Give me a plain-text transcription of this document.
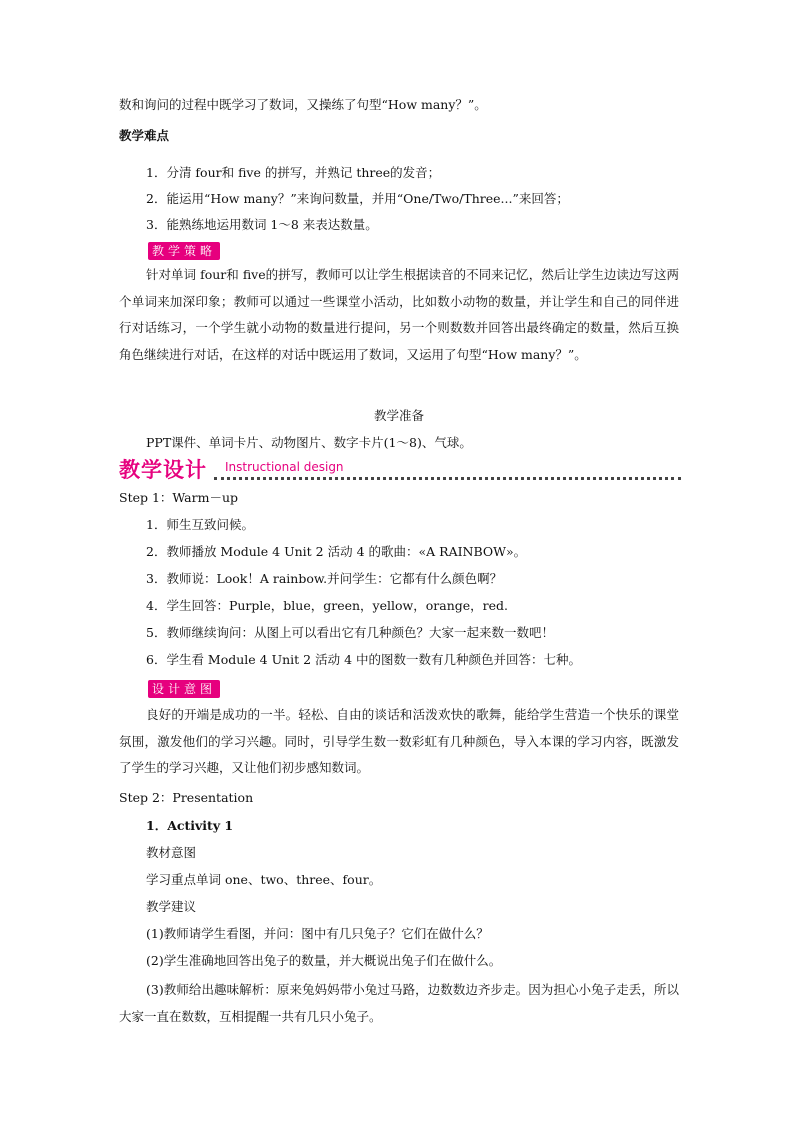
数和询问的过程中既学习了数词，又操练了句型“How many？”。
教学难点
1．分清 four和 five 的拼写，并熟记 three的发音；
2．能运用“How many？”来询问数量，并用“One/Two/Three...”来回答；
3．能熟练地运用数词 1～8 来表达数量。
教学策略
针对单词 four和 five的拼写，教师可以让学生根据读音的不同来记忆，然后让学生边读边写这两个单词来加深印象；教师可以通过一些课堂小活动，比如数小动物的数量，并让学生和自己的同伴进行对话练习，一个学生就小动物的数量进行提问，另一个则数数并回答出最终确定的数量，然后互换角色继续进行对话，在这样的对话中既运用了数词，又运用了句型“How many？”。
教学准备
PPT课件、单词卡片、动物图片、数字卡片(1～8)、气球。
教学设计 Instructional design
Step 1：Warm－up
1．师生互致问候。
2．教师播放 Module 4 Unit 2 活动 4 的歌曲：«A RAINBOW»。
3．教师说：Look！A rainbow.并问学生：它都有什么颜色啊？
4．学生回答：Purple，blue，green，yellow，orange，red.
5．教师继续询问：从图上可以看出它有几种颜色？大家一起来数一数吧！
6．学生看 Module 4 Unit 2 活动 4 中的图数一数有几种颜色并回答：七种。
设计意图
良好的开端是成功的一半。轻松、自由的谈话和活泼欢快的歌舞，能给学生营造一个快乐的课堂氛围，激发他们的学习兴趣。同时，引导学生数一数彩虹有几种颜色，导入本课的学习内容，既激发了学生的学习兴趣，又让他们初步感知数词。
Step 2：Presentation
1．Activity 1
教材意图
学习重点单词 one、two、three、four。
教学建议
(1)教师请学生看图，并问：图中有几只兔子？它们在做什么？
(2)学生准确地回答出兔子的数量，并大概说出兔子们在做什么。
(3)教师给出趣味解析：原来兔妈妈带小兔过马路，边数数边齐步走。因为担心小兔子走丢，所以大家一直在数数，互相提醒一共有几只小兔子。
